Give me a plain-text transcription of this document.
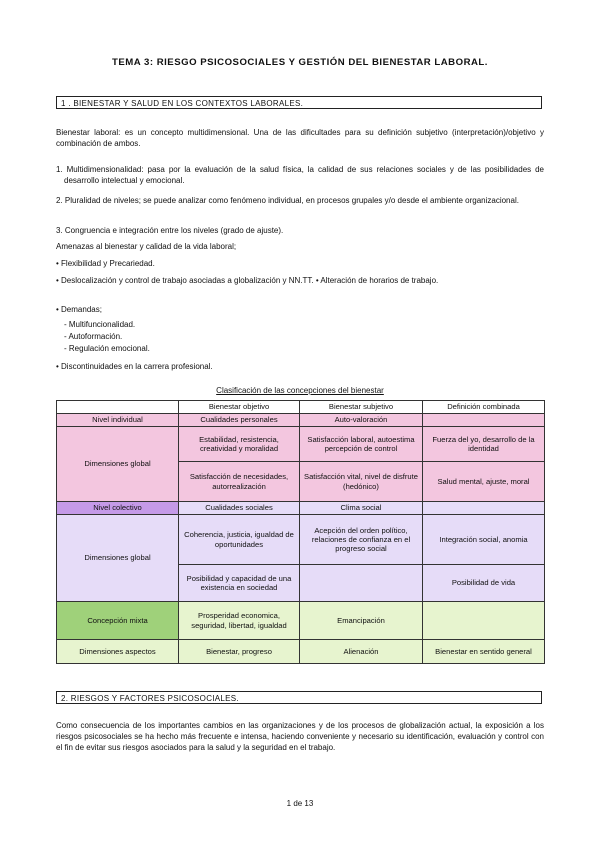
TEMA 3: RIESGO PSICOSOCIALES Y GESTIÓN DEL BIENESTAR LABORAL.
1 . BIENESTAR Y SALUD EN LOS CONTEXTOS LABORALES.
Bienestar laboral: es un concepto multidimensional. Una de las dificultades para su definición subjetivo (interpretación)/objetivo y combinación de ambos.
1. Multidimensionalidad: pasa por la evaluación de la salud física, la calidad de sus relaciones sociales y de las posibilidades de desarrollo intelectual y emocional.
2. Pluralidad de niveles; se puede analizar como fenómeno individual, en procesos grupales y/o desde el ambiente organizacional.
3. Congruencia e integración entre los niveles (grado de ajuste).
Amenazas al bienestar y calidad de la vida laboral;
• Flexibilidad y Precariedad.
• Deslocalización y control de trabajo asociadas a globalización y NN.TT. • Alteración de horarios de trabajo.
• Demandas;
- Multifuncionalidad.
- Autoformación.
- Regulación emocional.
• Discontinuidades en la carrera profesional.
Clasificación de las concepciones del bienestar
	Bienestar objetivo	Bienestar subjetivo	Definición combinada
Nivel individual	Cualidades personales	Auto-valoración	
Dimensiones global	Estabilidad, resistencia, creatividad y moralidad	Satisfacción laboral, autoestima percepción de control	Fuerza del yo, desarrollo de la identidad
	Satisfacción de necesidades, autorrealización	Satisfacción vital, nivel de disfrute (hedónico)	Salud mental, ajuste, moral
Nivel colectivo	Cualidades sociales	Clima social	
Dimensiones global	Coherencia, justicia, igualdad de oportunidades	Acepción del orden político, relaciones de confianza en el progreso social	Integración social, anomia
	Posibilidad y capacidad de una existencia en sociedad		Posibilidad de vida
Concepción mixta	Prosperidad economica, seguridad, libertad, igualdad	Emancipación	
Dimensiones aspectos	Bienestar, progreso	Alienación	Bienestar en sentido general
2. RIESGOS Y FACTORES PSICOSOCIALES.
Como consecuencia de los importantes cambios en las organizaciones y de los procesos de globalización actual, la exposición a los riesgos psicosociales se ha hecho más frecuente e intensa, haciendo conveniente y necesario su identificación, evaluación y control con el fin de evitar sus riesgos asociados para la salud y la seguridad en el trabajo.
1 de 13
